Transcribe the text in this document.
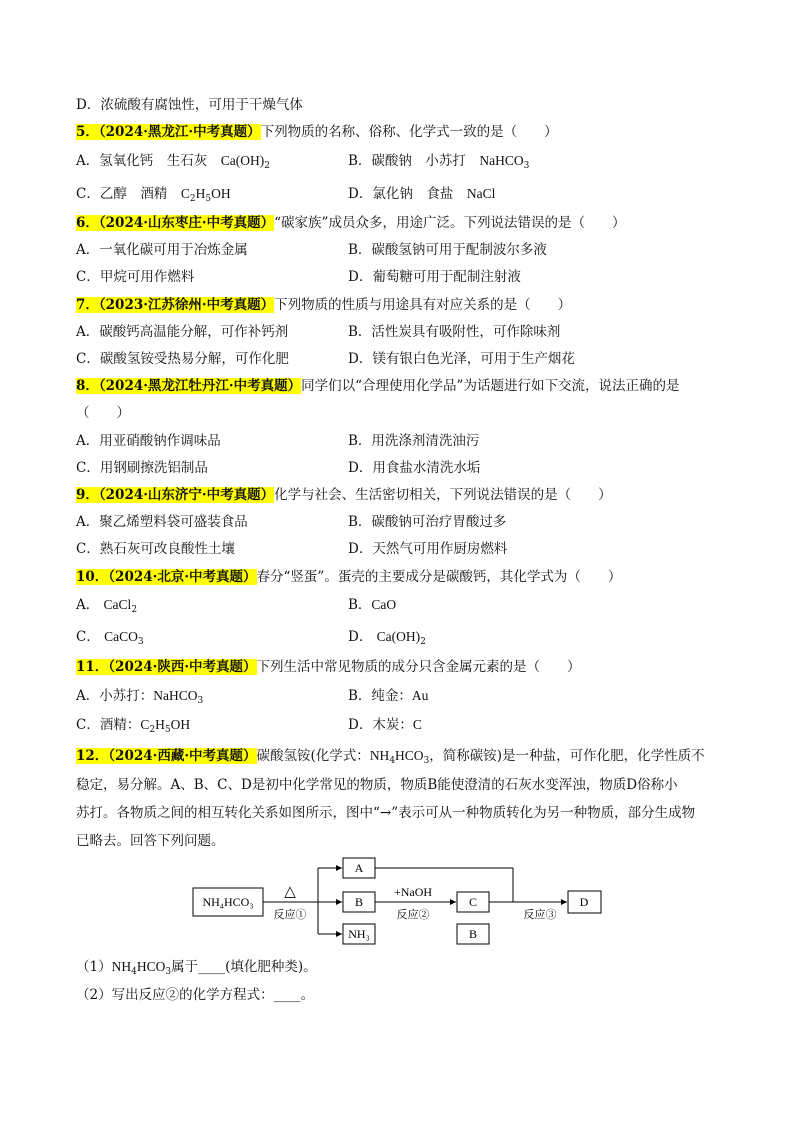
D．浓硫酸有腐蚀性，可用于干燥气体
5．（2024·黑龙江·中考真题）下列物质的名称、俗称、化学式一致的是（　　）
A．氢氧化钙　生石灰　 $Ca(OH)_2$	B．碳酸钠　小苏打　 NaHCO$_3$
C．乙醇　酒精　 $C_2H_5OH$	D．氯化钠　食盐　 NaCl
6．（2024·山东枣庄·中考真题）“碳家族”成员众多，用途广泛。下列说法错误的是（　　）
A．一氧化碳可用于冶炼金属	B．碳酸氢钠可用于配制波尔多液
C．甲烷可用作燃料	D．葡萄糖可用于配制注射液
7．（2023·江苏徐州·中考真题）下列物质的性质与用途具有对应关系的是（　　）
A．碳酸钙高温能分解，可作补钙剂	B．活性炭具有吸附性，可作除味剂
C．碳酸氢铵受热易分解，可作化肥	D．镁有银白色光泽，可用于生产烟花
8．（2024·黑龙江牡丹江·中考真题）同学们以“合理使用化学品”为话题进行如下交流，说法正确的是
（　　）
A．用亚硝酸钠作调味品	B．用洗涤剂清洗油污
C．用钢刷擦洗铝制品	D．用食盐水清洗水垢
9．（2024·山东济宁·中考真题）化学与社会、生活密切相关，下列说法错误的是（　　）
A．聚乙烯塑料袋可盛装食品	B．碳酸钠可治疗胃酸过多
C．熟石灰可改良酸性土壤	D．天然气可用作厨房燃料
10．（2024·北京·中考真题）春分“竖蛋”。蛋壳的主要成分是碳酸钙，其化学式为（　　）
A． CaCl$_2$	B．CaO
C． CaCO$_3$	D． $Ca(OH)_2$
11．（2024·陕西·中考真题）下列生活中常见物质的成分只含金属元素的是（　　）
A．小苏打：NaHCO$_3$	B．纯金：Au
C．酒精：$C_2H_5OH$	D．木炭：C
12．（2024·西藏·中考真题）碳酸氢铵(化学式：$NH_4HCO_3$，简称碳铵)是一种盐，可作化肥，化学性质不
稳定，易分解。A、B、C、D是初中化学常见的物质，物质B能使澄清的石灰水变浑浊，物质D俗称小
苏打。各物质之间的相互转化关系如图所示，图中“→”表示可从一种物质转化为另一种物质，部分生成物
已略去。回答下列问题。
NH₄HCO₃
△
反应①
A
B
NH₃
+NaOH
反应②
C
B
反应③
D
$(1)NH_4HCO_3$属于____(填化肥种类)。
（2）写出反应②的化学方程式：____。
